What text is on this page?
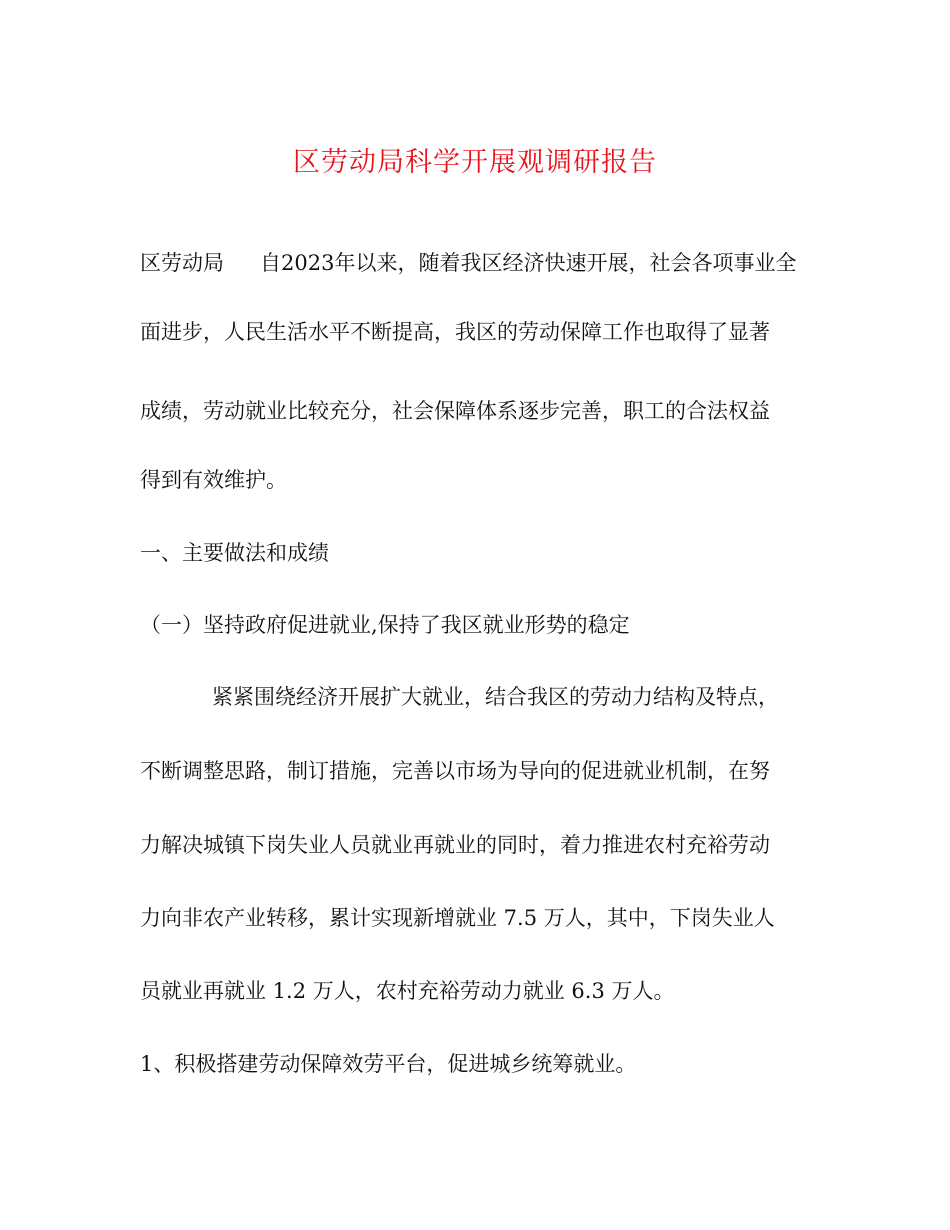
区劳动局科学开展观调研报告

区劳动局 自2023年以来，随着我区经济快速开展，社会各项事业全

面进步，人民生活水平不断提高，我区的劳动保障工作也取得了显著

成绩，劳动就业比较充分，社会保障体系逐步完善，职工的合法权益

得到有效维护。

一、主要做法和成绩

（一）坚持政府促进就业,保持了我区就业形势的稳定

紧紧围绕经济开展扩大就业，结合我区的劳动力结构及特点，

不断调整思路，制订措施，完善以市场为导向的促进就业机制，在努

力解决城镇下岗失业人员就业再就业的同时，着力推进农村充裕劳动

力向非农产业转移，累计实现新增就业 7.5 万人，其中，下岗失业人

员就业再就业 1.2 万人，农村充裕劳动力就业 6.3 万人。

1、积极搭建劳动保障效劳平台，促进城乡统筹就业。
